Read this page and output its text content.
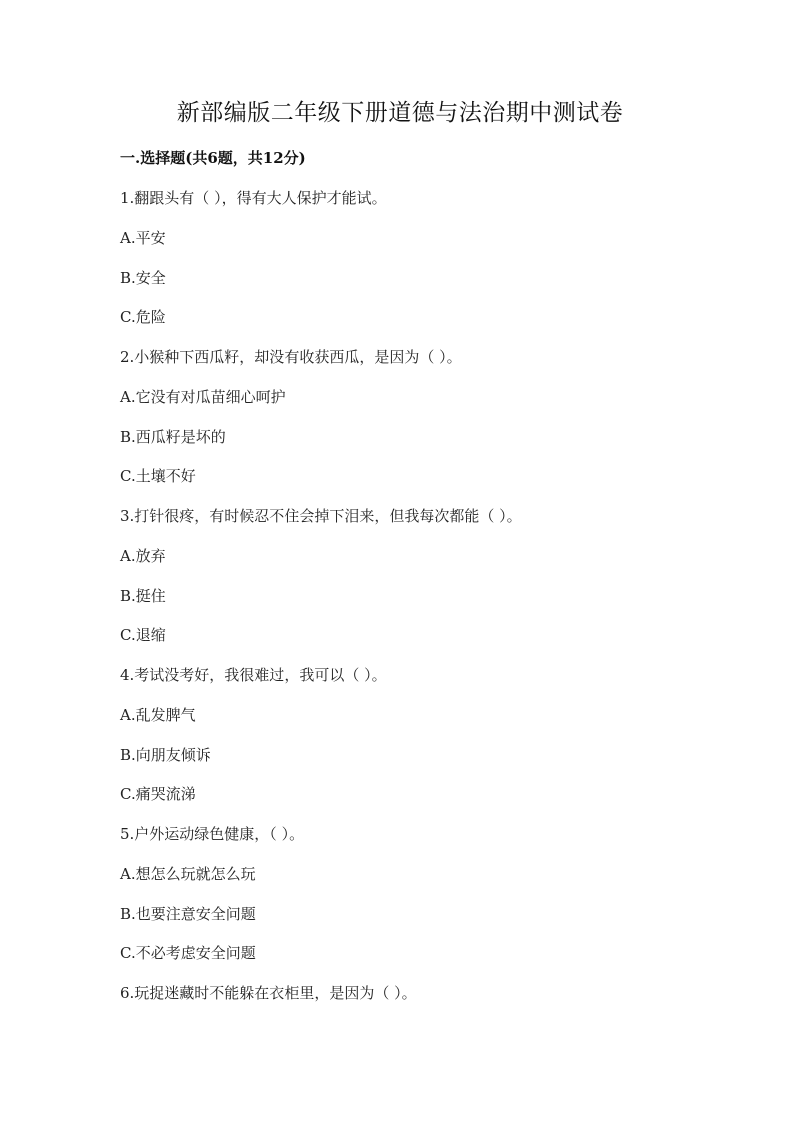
新部编版二年级下册道德与法治期中测试卷
一.选择题(共6题，共12分)
1.翻跟头有（ ），得有大人保护才能试。
A.平安
B.安全
C.危险
2.小猴种下西瓜籽，却没有收获西瓜，是因为（ ）。
A.它没有对瓜苗细心呵护
B.西瓜籽是坏的
C.土壤不好
3.打针很疼，有时候忍不住会掉下泪来，但我每次都能（ ）。
A.放弃
B.挺住
C.退缩
4.考试没考好，我很难过，我可以（ ）。
A.乱发脾气
B.向朋友倾诉
C.痛哭流涕
5.户外运动绿色健康，（ ）。
A.想怎么玩就怎么玩
B.也要注意安全问题
C.不必考虑安全问题
6.玩捉迷藏时不能躲在衣柜里，是因为（ ）。
